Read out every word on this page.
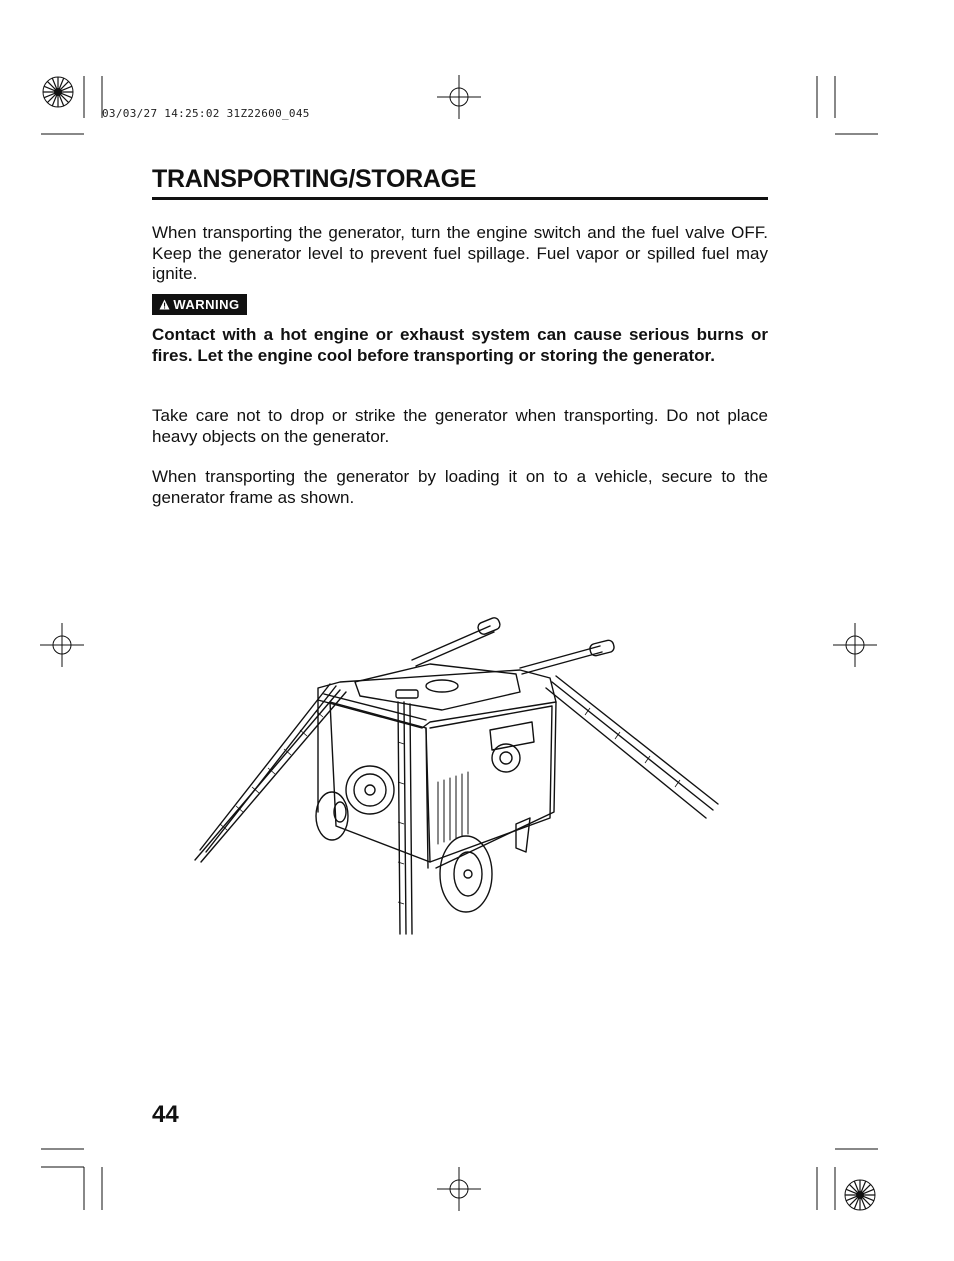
03/03/27 14:25:02 31Z22600_045
TRANSPORTING/STORAGE

When transporting the generator, turn the engine switch and the fuel valve OFF. Keep the generator level to prevent fuel spillage. Fuel vapor or spilled fuel may ignite.

WARNING

Contact with a hot engine or exhaust system can cause serious burns or fires. Let the engine cool before transporting or storing the generator.

Take care not to drop or strike the generator when transporting. Do not place heavy objects on the generator.

When transporting the generator by loading it on to a vehicle, secure to the generator frame as shown.

44
